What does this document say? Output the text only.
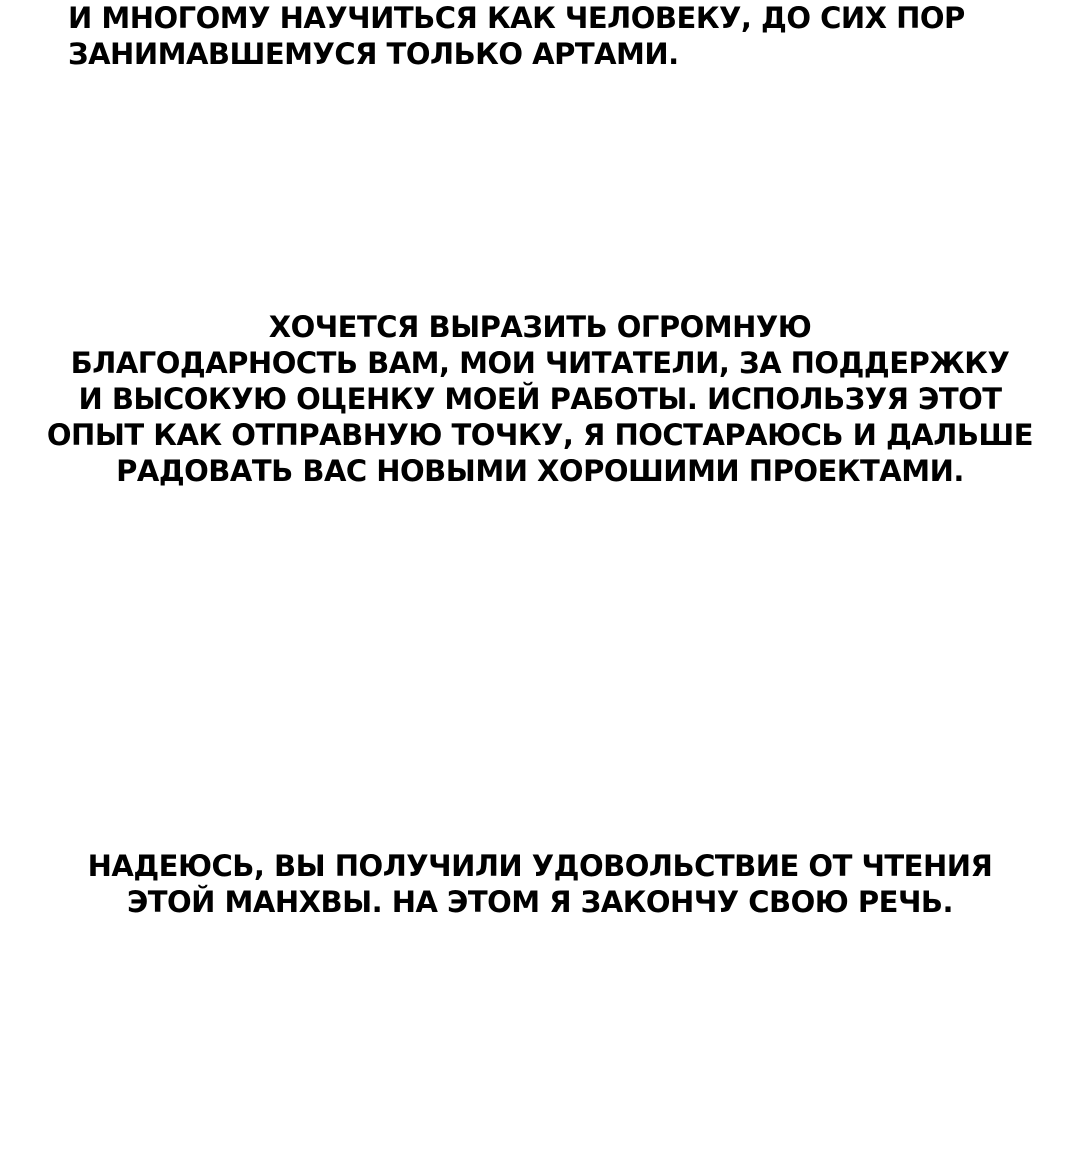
И МНОГОМУ НАУЧИТЬСЯ КАК ЧЕЛОВЕКУ, ДО СИХ ПОР
ЗАНИМАВШЕМУСЯ ТОЛЬКО АРТАМИ.
ХОЧЕТСЯ ВЫРАЗИТЬ ОГРОМНУЮ
БЛАГОДАРНОСТЬ ВАМ, МОИ ЧИТАТЕЛИ, ЗА ПОДДЕРЖКУ
И ВЫСОКУЮ ОЦЕНКУ МОЕЙ РАБОТЫ. ИСПОЛЬЗУЯ ЭТОТ
ОПЫТ КАК ОТПРАВНУЮ ТОЧКУ, Я ПОСТАРАЮСЬ И ДАЛЬШЕ
РАДОВАТЬ ВАС НОВЫМИ ХОРОШИМИ ПРОЕКТАМИ.
НАДЕЮСЬ, ВЫ ПОЛУЧИЛИ УДОВОЛЬСТВИЕ ОТ ЧТЕНИЯ
ЭТОЙ МАНХВЫ. НА ЭТОМ Я ЗАКОНЧУ СВОЮ РЕЧЬ.
